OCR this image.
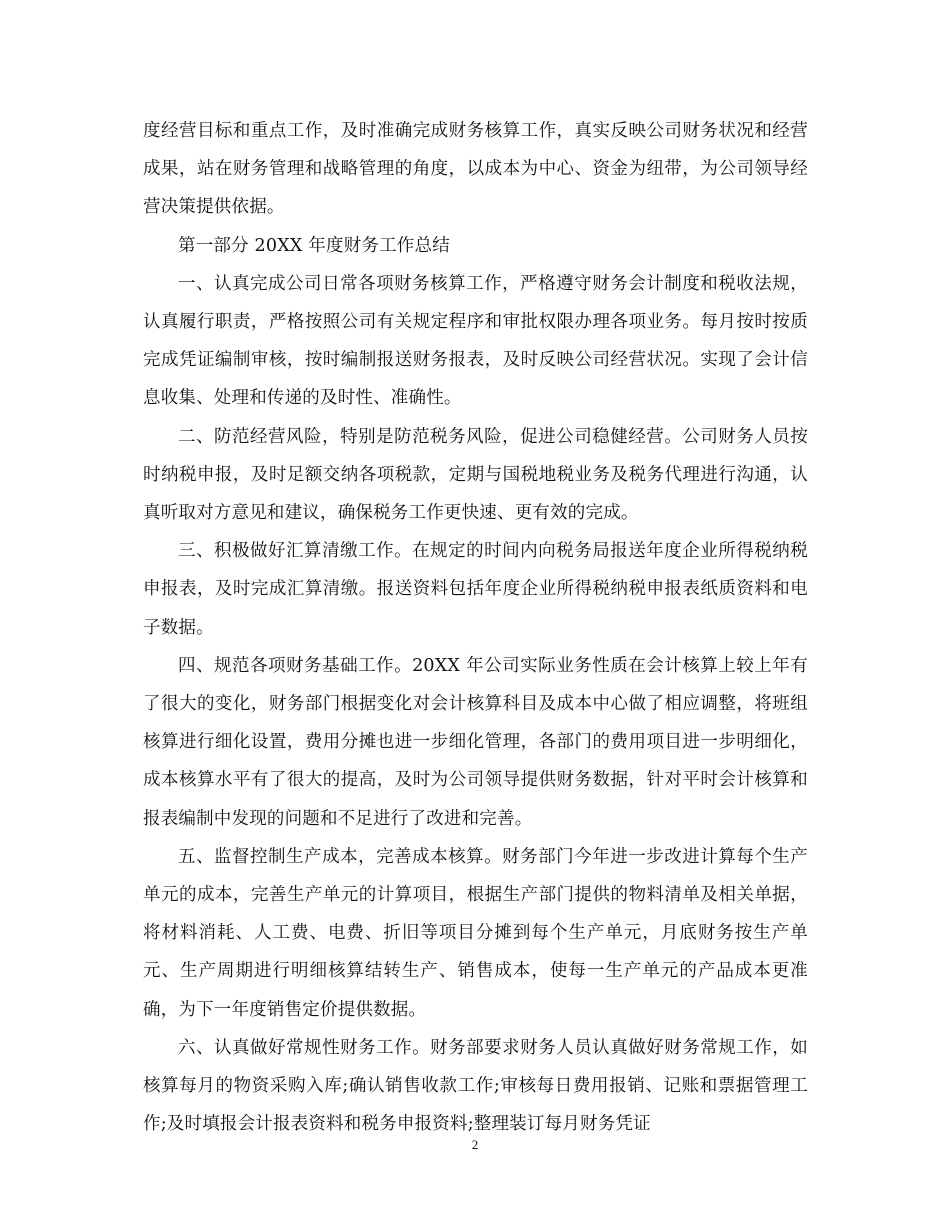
度经营目标和重点工作，及时准确完成财务核算工作，真实反映公司财务状况和经营成果，站在财务管理和战略管理的角度，以成本为中心、资金为纽带，为公司领导经营决策提供依据。

第一部分 20XX 年度财务工作总结

一、认真完成公司日常各项财务核算工作，严格遵守财务会计制度和税收法规，认真履行职责，严格按照公司有关规定程序和审批权限办理各项业务。每月按时按质完成凭证编制审核，按时编制报送财务报表，及时反映公司经营状况。实现了会计信息收集、处理和传递的及时性、准确性。

二、防范经营风险，特别是防范税务风险，促进公司稳健经营。公司财务人员按时纳税申报，及时足额交纳各项税款，定期与国税地税业务及税务代理进行沟通，认真听取对方意见和建议，确保税务工作更快速、更有效的完成。

三、积极做好汇算清缴工作。在规定的时间内向税务局报送年度企业所得税纳税申报表，及时完成汇算清缴。报送资料包括年度企业所得税纳税申报表纸质资料和电子数据。

四、规范各项财务基础工作。20XX 年公司实际业务性质在会计核算上较上年有了很大的变化，财务部门根据变化对会计核算科目及成本中心做了相应调整，将班组核算进行细化设置，费用分摊也进一步细化管理，各部门的费用项目进一步明细化，成本核算水平有了很大的提高，及时为公司领导提供财务数据，针对平时会计核算和报表编制中发现的问题和不足进行了改进和完善。

五、监督控制生产成本，完善成本核算。财务部门今年进一步改进计算每个生产单元的成本，完善生产单元的计算项目，根据生产部门提供的物料清单及相关单据，将材料消耗、人工费、电费、折旧等项目分摊到每个生产单元，月底财务按生产单元、生产周期进行明细核算结转生产、销售成本，使每一生产单元的产品成本更准确，为下一年度销售定价提供数据。

六、认真做好常规性财务工作。财务部要求财务人员认真做好财务常规工作，如核算每月的物资采购入库;确认销售收款工作;审核每日费用报销、记账和票据管理工作;及时填报会计报表资料和税务申报资料;整理装订每月财务凭证

2
